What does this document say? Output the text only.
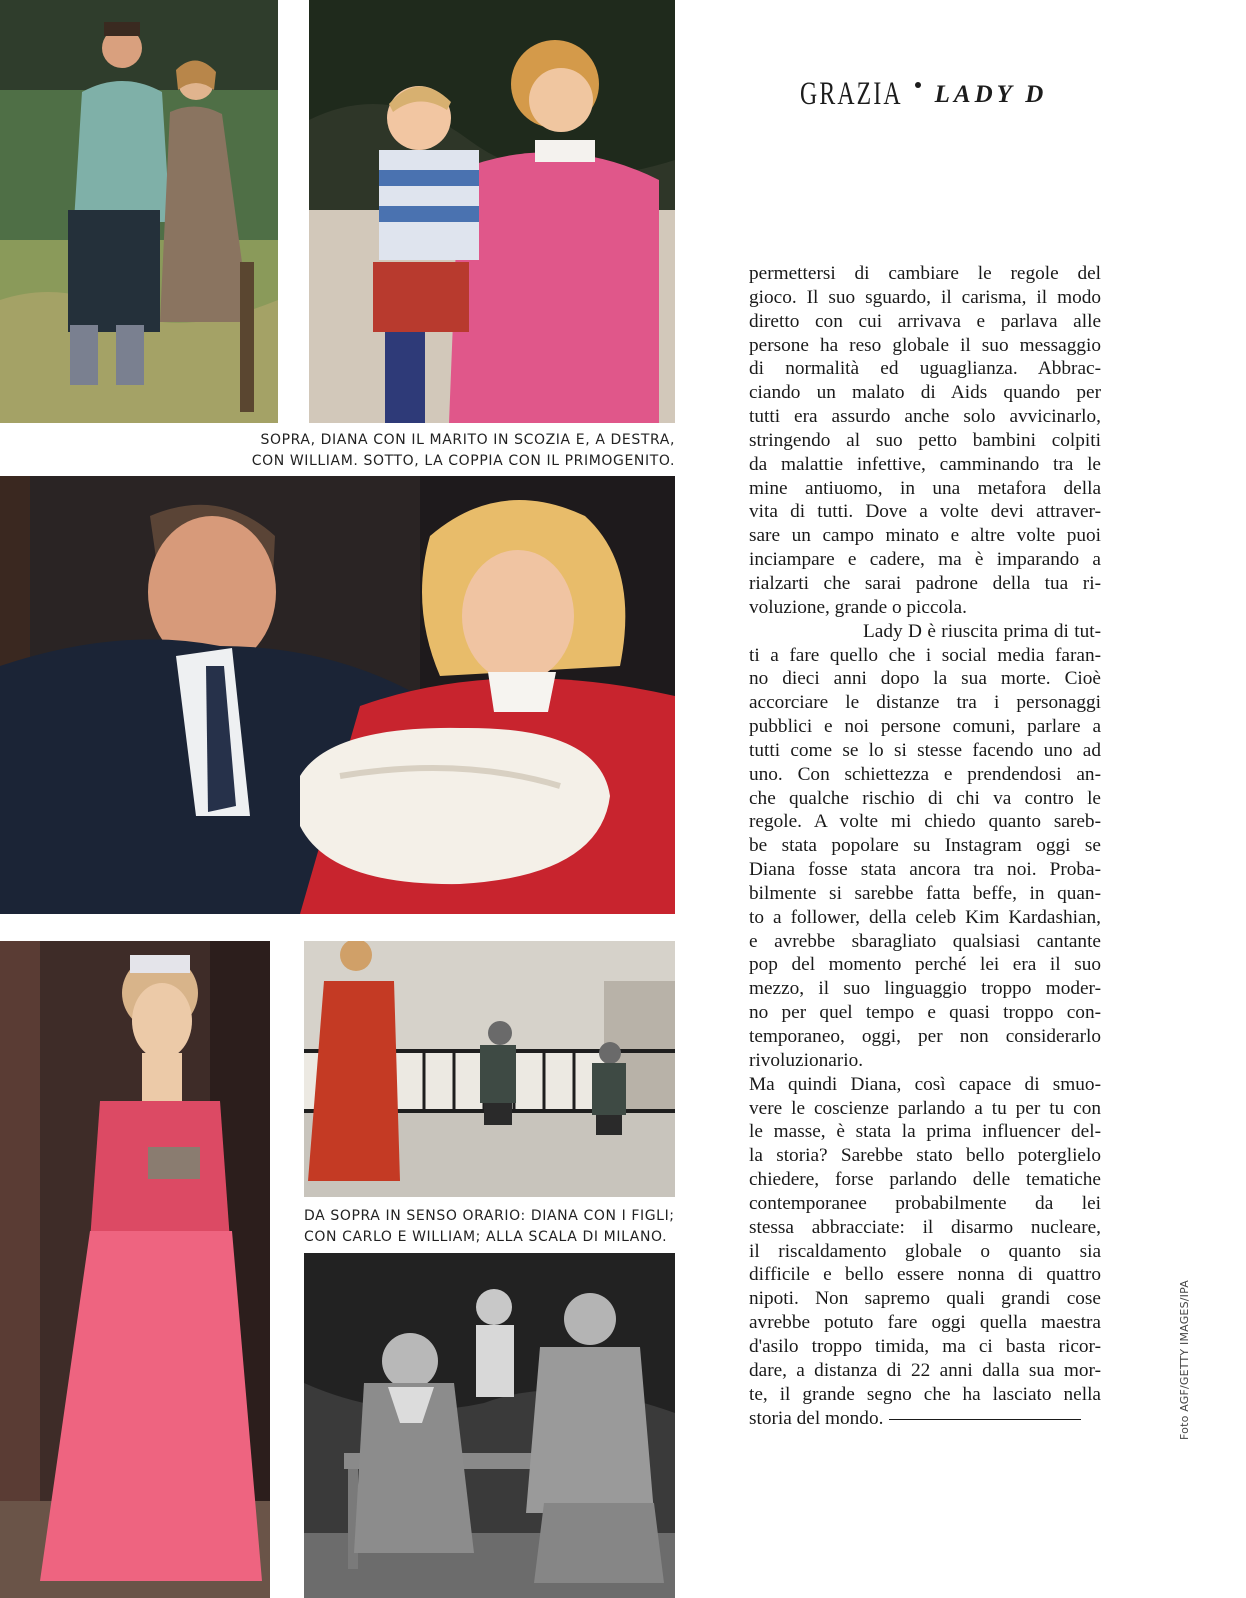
SOPRA, DIANA CON IL MARITO IN SCOZIA E, A DESTRA,
CON WILLIAM. SOTTO, LA COPPIA CON IL PRIMOGENITO.
DA SOPRA IN SENSO ORARIO: DIANA CON I FIGLI;
CON CARLO E WILLIAM; ALLA SCALA DI MILANO.
GRAZIA LADY D
permettersi di cambiare le regole del
gioco. Il suo sguardo, il carisma, il modo
diretto con cui arrivava e parlava alle
persone ha reso globale il suo messaggio
di normalità ed uguaglianza. Abbrac-
ciando un malato di Aids quando per
tutti era assurdo anche solo avvicinarlo,
stringendo al suo petto bambini colpiti
da malattie infettive, camminando tra le
mine antiuomo, in una metafora della
vita di tutti. Dove a volte devi attraver-
sare un campo minato e altre volte puoi
inciampare e cadere, ma è imparando a
rialzarti che sarai padrone della tua ri-
voluzione, grande o piccola.
Lady D è riuscita prima di tut-
ti a fare quello che i social media faran-
no dieci anni dopo la sua morte. Cioè
accorciare le distanze tra i personaggi
pubblici e noi persone comuni, parlare a
tutti come se lo si stesse facendo uno ad
uno. Con schiettezza e prendendosi an-
che qualche rischio di chi va contro le
regole. A volte mi chiedo quanto sareb-
be stata popolare su Instagram oggi se
Diana fosse stata ancora tra noi. Proba-
bilmente si sarebbe fatta beffe, in quan-
to a follower, della celeb Kim Kardashian,
e avrebbe sbaragliato qualsiasi cantante
pop del momento perché lei era il suo
mezzo, il suo linguaggio troppo moder-
no per quel tempo e quasi troppo con-
temporaneo, oggi, per non considerarlo
rivoluzionario.
Ma quindi Diana, così capace di smuo-
vere le coscienze parlando a tu per tu con
le masse, è stata la prima influencer del-
la storia? Sarebbe stato bello poterglielo
chiedere, forse parlando delle tematiche
contemporanee probabilmente da lei
stessa abbracciate: il disarmo nucleare,
il riscaldamento globale o quanto sia
difficile e bello essere nonna di quattro
nipoti. Non sapremo quali grandi cose
avrebbe potuto fare oggi quella maestra
d'asilo troppo timida, ma ci basta ricor-
dare, a distanza di 22 anni dalla sua mor-
te, il grande segno che ha lasciato nella
storia del mondo.	Foto AGF/GETTY IMAGES/IPA
